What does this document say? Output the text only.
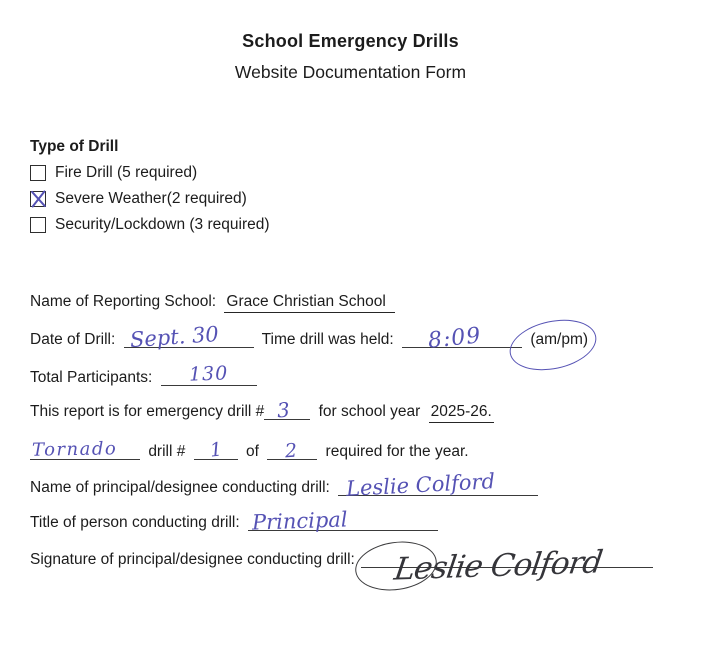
School Emergency Drills
Website Documentation Form
Type of Drill
Fire Drill (5 required)
Severe Weather(2 required)
Security/Lockdown (3 required)
Name of Reporting School: Grace Christian School
Date of Drill: Sept. 30	Time drill was held: 8:09	(am/pm)
Total Participants: 130
This report is for emergency drill # 3 for school year 2025-26.
Tornado drill # 1 of 2 required for the year.
Name of principal/designee conducting drill: Leslie Colford
Title of person conducting drill: Principal
Signature of principal/designee conducting drill: Leslie Colford
